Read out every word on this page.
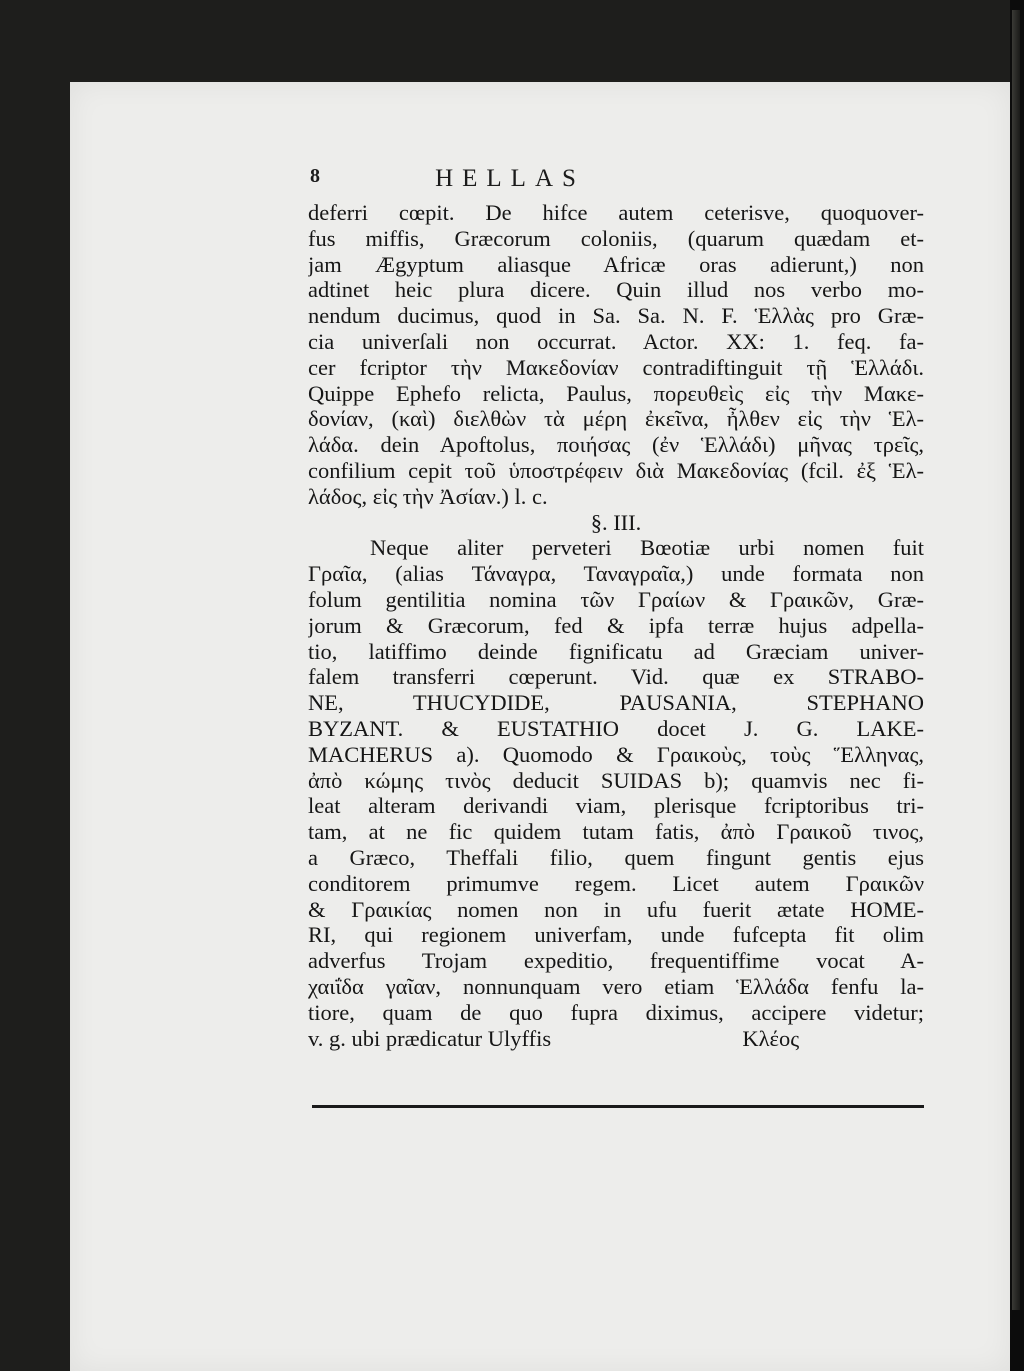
8	HELLAS
deferri cœpit. De hifce autem ceterisve, quoquover-
fus miffis, Græcorum coloniis, (quarum quædam et-
jam Ægyptum aliasque Africæ oras adierunt,) non
adtinet heic plura dicere. Quin illud nos verbo mo-
nendum ducimus, quod in Sa. Sa. N. F. Ἑλλὰς pro Græ-
cia univerſali non occurrat. Actor. XX: 1. feq. fa-
cer fcriptor τὴν Μακεδονίαν contradiftinguit τῇ Ἑλλάδι.
Quippe Ephefo relicta, Paulus, πορευθεὶς εἰς τὴν Μακε-
δονίαν, (καὶ) διελθὼν τὰ μέρη ἐκεῖνα, ἦλθεν εἰς τὴν Ἑλ-
λάδα. dein Apoftolus, ποιήσας (ἐν Ἑλλάδι) μῆνας τρεῖς,
confilium cepit τοῦ ὑποστρέφειν διὰ Μακεδονίας (fcil. ἐξ Ἑλ-
λάδος, εἰς τὴν Ἀσίαν.) l. c.
§. III.
Neque aliter perveteri Bœotiæ urbi nomen fuit
Γραῖα, (alias Τάναγρα, Ταναγραῖα,) unde formata non
folum gentilitia nomina τῶν Γραίων & Γραικῶν, Græ-
jorum & Græcorum, fed & ipfa terræ hujus adpella-
tio, latiffimo deinde fignificatu ad Græciam univer-
falem transferri cœperunt. Vid. quæ ex STRABO-
NE, THUCYDIDE, PAUSANIA, STEPHANO
BYZANT. & EUSTATHIO docet J. G. LAKE-
MACHERUS a). Quomodo & Γραικοὺς, τοὺς Ἕλληνας,
ἀπὸ κώμης τινὸς deducit SUIDAS b); quamvis nec fi-
leat alteram derivandi viam, plerisque fcriptoribus tri-
tam, at ne fic quidem tutam fatis, ἀπὸ Γραικοῦ τινος,
a Græco, Theffali filio, quem fingunt gentis ejus
conditorem primumve regem. Licet autem Γραικῶν
& Γραικίας nomen non in ufu fuerit ætate HOME-
RI, qui regionem univerfam, unde fufcepta fit olim
adverfus Trojam expeditio, frequentiffime vocat A-
χαιΐδα γαῖαν, nonnunquam vero etiam Ἑλλάδα fenfu la-
tiore, quam de quo fupra diximus, accipere videtur;
v. g. ubi prædicatur Ulyffis                                  Κλέος
